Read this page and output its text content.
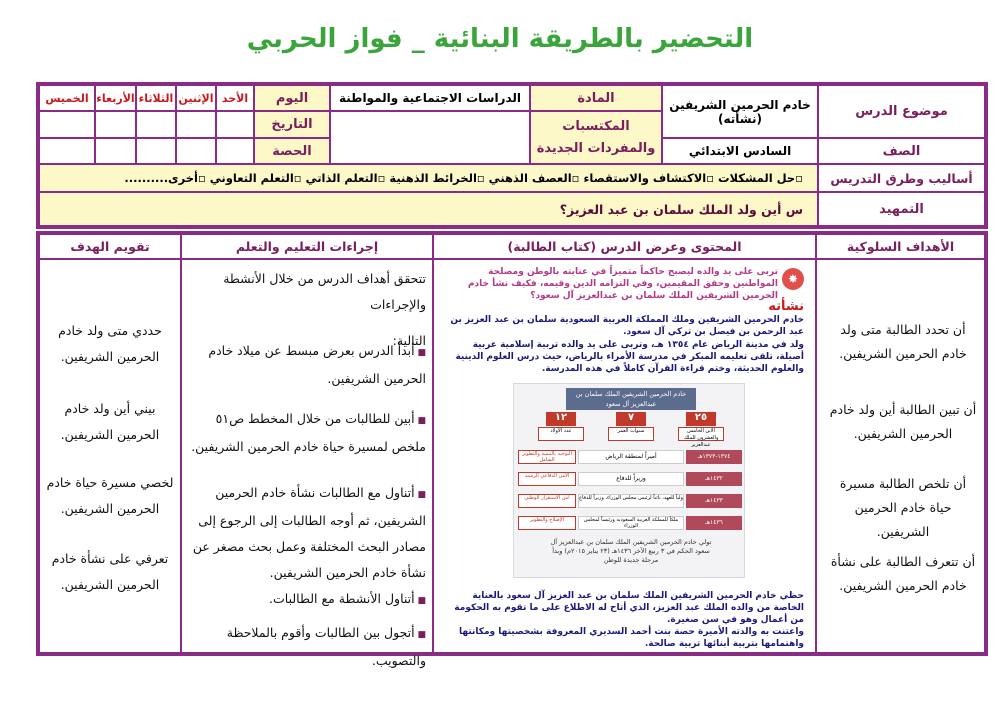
التحضير بالطريقة البنائية _ فواز الحربي
موضوع الدرس
خادم الحرمين الشريفين
(نشأته)
المادة
الدراسات الاجتماعية والمواطنة
اليوم
الأحد
الإثنين
الثلاثاء
الأربعاء
الخميس
المكتسبات
والمفردات الجديدة
التاريخ
الصف
السادس الابتدائي
الحصة
أساليب وطرق التدريس
▫حل المشكلات ▫الاكتشاف والاستقصاء ▫العصف الذهني ▫الخرائط الذهنية ▫التعلم الذاتي ▫التعلم التعاوني ▫أخرى..........
التمهيد
س أين ولد الملك سلمان بن عبد العزيز؟
الأهداف السلوكية
المحتوى وعرض الدرس (كتاب الطالبة)
إجراءات التعليم والتعلم
تقويم الهدف
أن تحدد الطالبة متى ولد خادم الحرمين الشريفين.
أن تبين الطالبة أين ولد خادم الحرمين الشريفين.
أن تلخص الطالبة مسيرة حياة خادم الحرمين الشريفين.
أن تتعرف الطالبة على نشأة خادم الحرمين الشريفين.
✸
تربى على يد والده ليصبح حاكماً متميزاً في عنايته بالوطن ومصلحة المواطنين وحقق المقيمين، وفي التزامه الدين وقيمه، فكيف نشأ خادم الحرمين الشريفين الملك سلمان بن عبدالعزيز آل سعود؟
نشأته
خادم الحرمين الشريفين وملك المملكة العربية السعودية سلمان بن عبد العزيز بن عبد الرحمن بن فيصل بن تركي آل سعود.
ولد في مدينة الرياض عام ١٣٥٤ هـ، وتربى على يد والده تربية إسلامية عربية أصيلة، تلقى تعليمه المبكر في مدرسة الأمراء بالرياض، حيث درس العلوم الدينية والعلوم الحديثة، وختم قراءة القرآن كاملاً في هذه المدرسة.
خادم الحرمين الشريفين الملك سلمان بن عبدالعزيز آل سعود
٢٥
الابن الخامس والعشرون للملك عبدالعزيز
٧
سنوات العمر
١٢
عدد الأولاد
١٣٧٤-١٣٧٣هـ
أميراً لمنطقة الرياض
التوجيه بالتنمية والتطوير الشامل
١٤٣٢هـ
وزيراً للدفاع
الأمن الدفاعي الرشيد
١٤٣٣هـ
ولياً للعهد، نائباً لرئيس مجلس الوزراء، وزيراً للدفاع
أمن الاستقرار الوطني
١٤٣٦هـ
ملكاً للمملكة العربية السعودية ورئيساً لمجلس الوزراء
الإصلاح والتطوير
تولي خادم الحرمين الشريفين الملك سلمان بن عبدالعزيز آل سعود الحكم في ٣ ربيع الآخر ١٤٣٦هـ (٢٣ يناير ٢٠١٥م) وبدأ مرحلة جديدة للوطن
حظي خادم الحرمين الشريفين الملك سلمان بن عبد العزيز آل سعود بالعناية الخاصة من والده الملك عبد العزيز، الذي أتاح له الاطلاع على ما تقوم به الحكومة من أعمال وهو في سن صغيرة.
واعتنت به والدته الأميرة حصة بنت أحمد السديري المعروفة بشخصيتها ومكانتها واهتمامها بتربية أبنائها تربية صالحة.
تتحقق أهداف الدرس من خلال الأنشطة والإجراءات
التالية:
■ أبدأ الدرس بعرض مبسط عن ميلاد خادم الحرمين الشريفين.
■ أبين للطالبات من خلال المخطط ص٥١ ملخص لمسيرة حياة خادم الحرمين الشريفين.
■ أتناول مع الطالبات نشأة خادم الحرمين الشريفين، ثم أوجه الطالبات إلى الرجوع إلى مصادر البحث المختلفة وعمل بحث مصغر عن نشأة خادم الحرمين الشريفين.
■ أتناول الأنشطة مع الطالبات.
■ أتجول بين الطالبات وأقوم بالملاحظة والتصويب.
حددي متى ولد خادم الحرمين الشريفين.
بيني أين ولد خادم الحرمين الشريفين.
لخصي مسيرة حياة خادم الحرمين الشريفين.
تعرفي على نشأة خادم الحرمين الشريفين.
